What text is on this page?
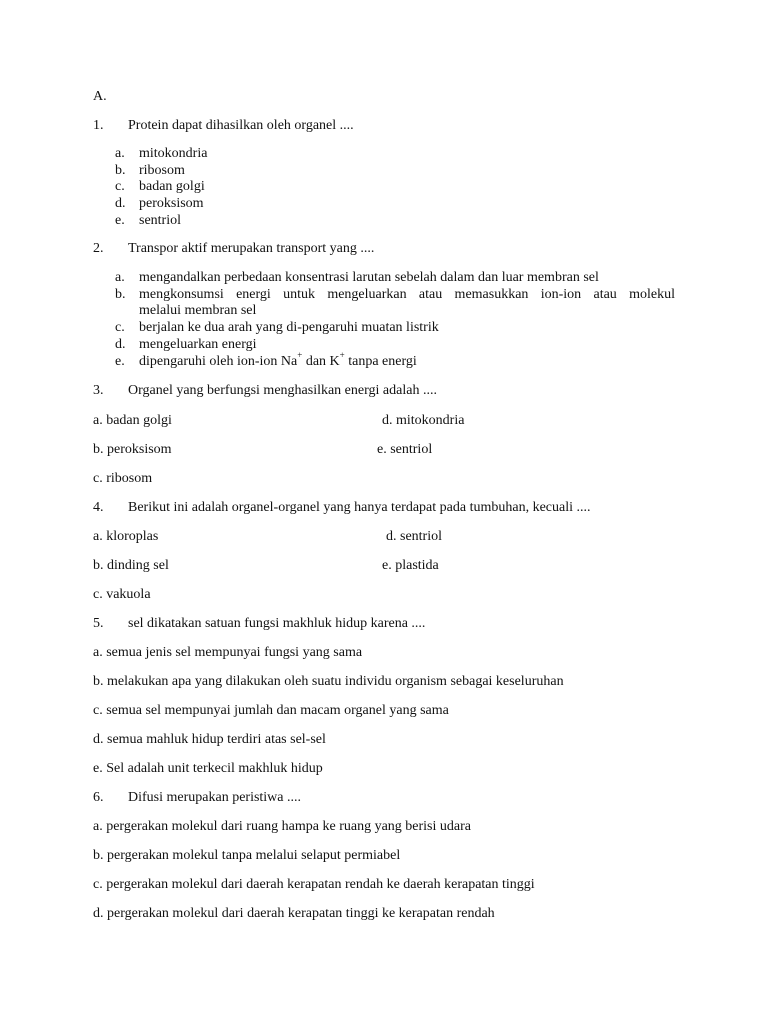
A.
1. Protein dapat dihasilkan oleh organel ....
a. mitokondria
b. ribosom
c. badan golgi
d. peroksisom
e. sentriol
2. Transpor aktif merupakan transport yang ....
a. mengandalkan perbedaan konsentrasi larutan sebelah dalam dan luar membran sel
b. mengkonsumsi energi untuk mengeluarkan atau memasukkan ion-ion atau molekul
melalui membran sel
c. berjalan ke dua arah yang di-pengaruhi muatan listrik
d. mengeluarkan energi
e. dipengaruhi oleh ion-ion Na+ dan K+ tanpa energi
3. Organel yang berfungsi menghasilkan energi adalah ....
a. badan golgi	d. mitokondria
b. peroksisom	e. sentriol
c. ribosom
4. Berikut ini adalah organel-organel yang hanya terdapat pada tumbuhan, kecuali ....
a. kloroplas	d. sentriol
b. dinding sel	e. plastida
c. vakuola
5. sel dikatakan satuan fungsi makhluk hidup karena ....
a. semua jenis sel mempunyai fungsi yang sama
b. melakukan apa yang dilakukan oleh suatu individu organism sebagai keseluruhan
c. semua sel mempunyai jumlah dan macam organel yang sama
d. semua mahluk hidup terdiri atas sel-sel
e. Sel adalah unit terkecil makhluk hidup
6. Difusi merupakan peristiwa ....
a. pergerakan molekul dari ruang hampa ke ruang yang berisi udara
b. pergerakan molekul tanpa melalui selaput permiabel
c. pergerakan molekul dari daerah kerapatan rendah ke daerah kerapatan tinggi
d. pergerakan molekul dari daerah kerapatan tinggi ke kerapatan rendah
